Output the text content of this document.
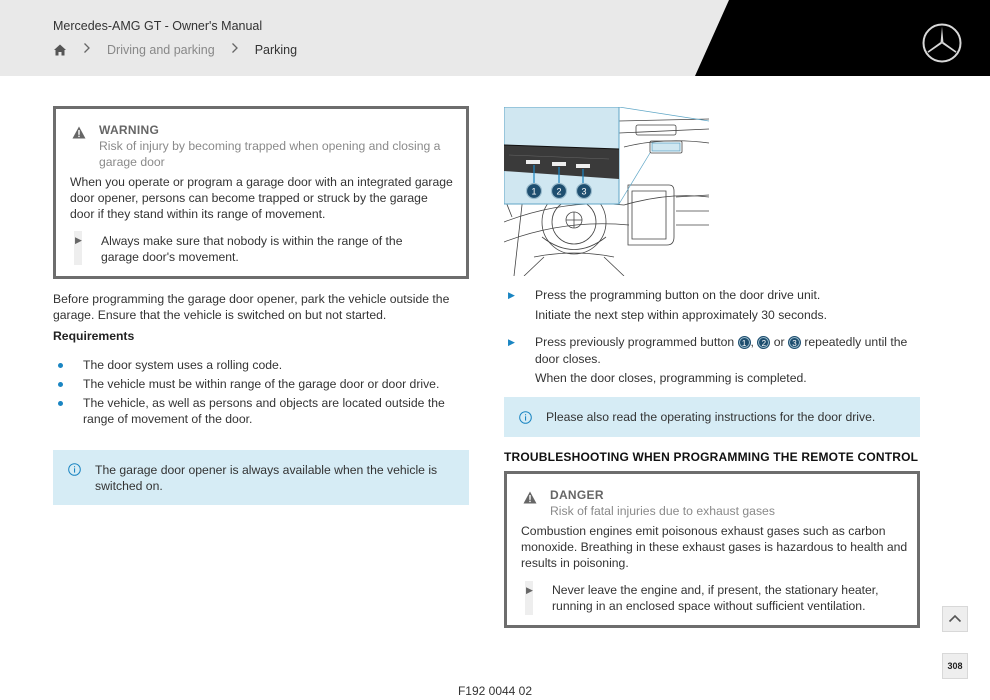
Mercedes-AMG GT - Owner's Manual
Driving and parking	Parking
WARNING
Risk of injury by becoming trapped when opening and closing a garage door
When you operate or program a garage door with an integrated garage door opener, persons can become trapped or struck by the garage door if they stand within its range of movement.
▶ Always make sure that nobody is within the range of the garage door's movement.
Before programming the garage door opener, park the vehicle outside the garage. Ensure that the vehicle is switched on but not started.
Requirements
The door system uses a rolling code.
The vehicle must be within range of the garage door or door drive.
The vehicle, as well as persons and objects are located outside the range of movement of the door.
The garage door opener is always available when the vehicle is switched on.
1 2 3
▶ Press the programming button on the door drive unit.
Initiate the next step within approximately 30 seconds.
▶ Press previously programmed button 1 , 2 or 3 repeatedly until the
door closes.
When the door closes, programming is completed.
Please also read the operating instructions for the door drive.
TROUBLESHOOTING WHEN PROGRAMMING THE REMOTE CONTROL
DANGER
Risk of fatal injuries due to exhaust gases
Combustion engines emit poisonous exhaust gases such as carbon monoxide. Breathing in these exhaust gases is hazardous to health and results in poisoning.
▶ Never leave the engine and, if present, the stationary heater, running in an enclosed space without sufficient ventilation.
308
F192 0044 02
